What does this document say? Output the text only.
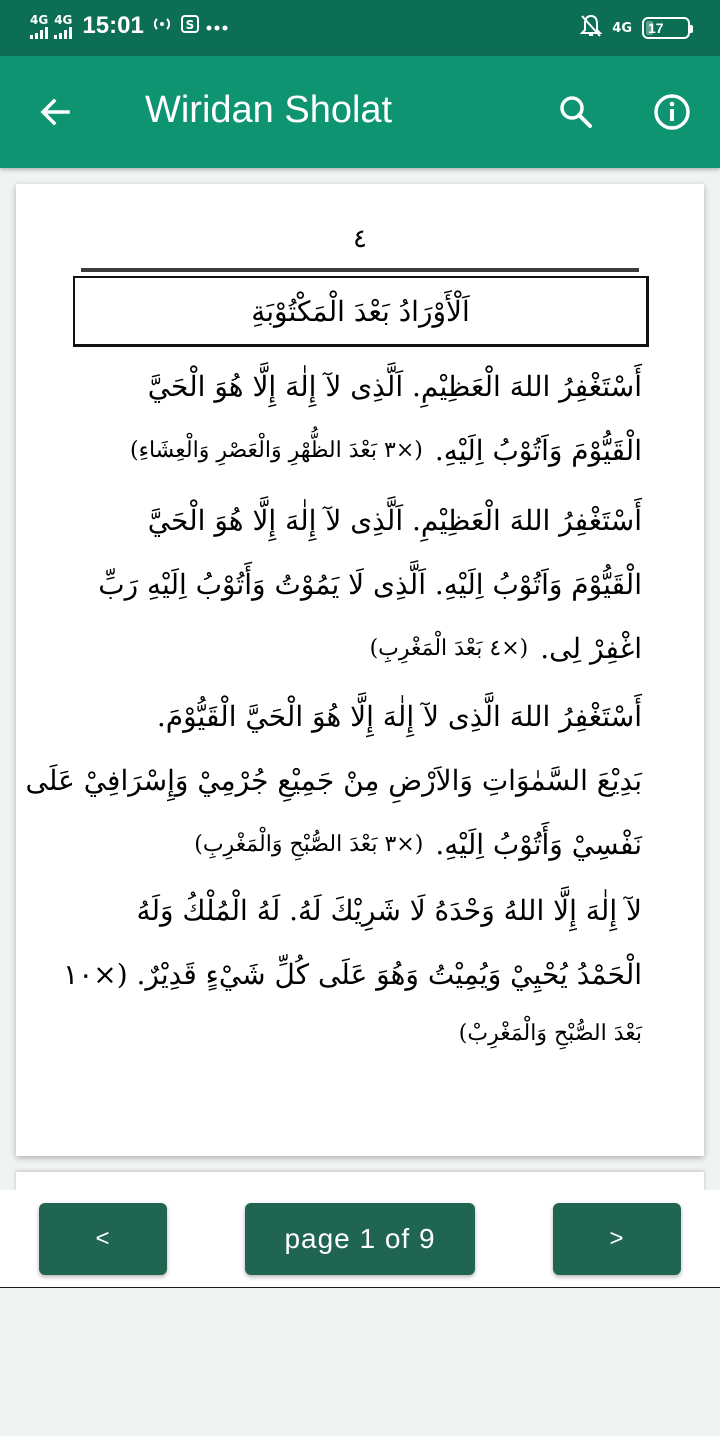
4G 4G 15:01	S	4G 17
Wiridan Sholat
٤
اَلْأَوْرَادُ بَعْدَ الْمَكْتُوْبَةِ
أَسْتَغْفِرُ اللهَ الْعَظِيْمِ. اَلَّذِى لآ إِلٰهَ إِلَّا هُوَ الْحَيَّ
الْقَيُّوْمَ وَاَتُوْبُ اِلَيْهِ.
(×٣ بَعْدَ الظُّهْرِ وَالْعَصْرِ وَالْعِشَاءِ)
أَسْتَغْفِرُ اللهَ الْعَظِيْمِ. اَلَّذِى لآ إِلٰهَ إِلَّا هُوَ الْحَيَّ
الْقَيُّوْمَ وَاَتُوْبُ اِلَيْهِ. اَلَّذِى لَا يَمُوْتُ وَأَتُوْبُ اِلَيْهِ رَبِّ
اغْفِرْ لِى.
(×٤ بَعْدَ الْمَغْرِبِ)
أَسْتَغْفِرُ اللهَ الَّذِى لآ إِلٰهَ إِلَّا هُوَ الْحَيَّ الْقَيُّوْمَ.
بَدِيْعَ السَّمٰوَاتِ وَالاَرْضِ مِنْ جَمِيْعِ جُرْمِيْ وَإِسْرَافِيْ عَلَى
نَفْسِيْ وَأَتُوْبُ اِلَيْهِ.
(×٣ بَعْدَ الصُّبْحِ وَالْمَغْرِبِ)
لآ إِلٰهَ إِلَّا اللهُ وَحْدَهُ لَا شَرِيْكَ لَهُ. لَهُ الْمُلْكُ وَلَهُ
الْحَمْدُ يُحْيِيْ وَيُمِيْتُ وَهُوَ عَلَى كُلِّ شَيْءٍ قَدِيْرٌ. (×١٠
بَعْدَ الصُّبْحِ وَالْمَغْرِبْ)
<	page 1 of 9	>
